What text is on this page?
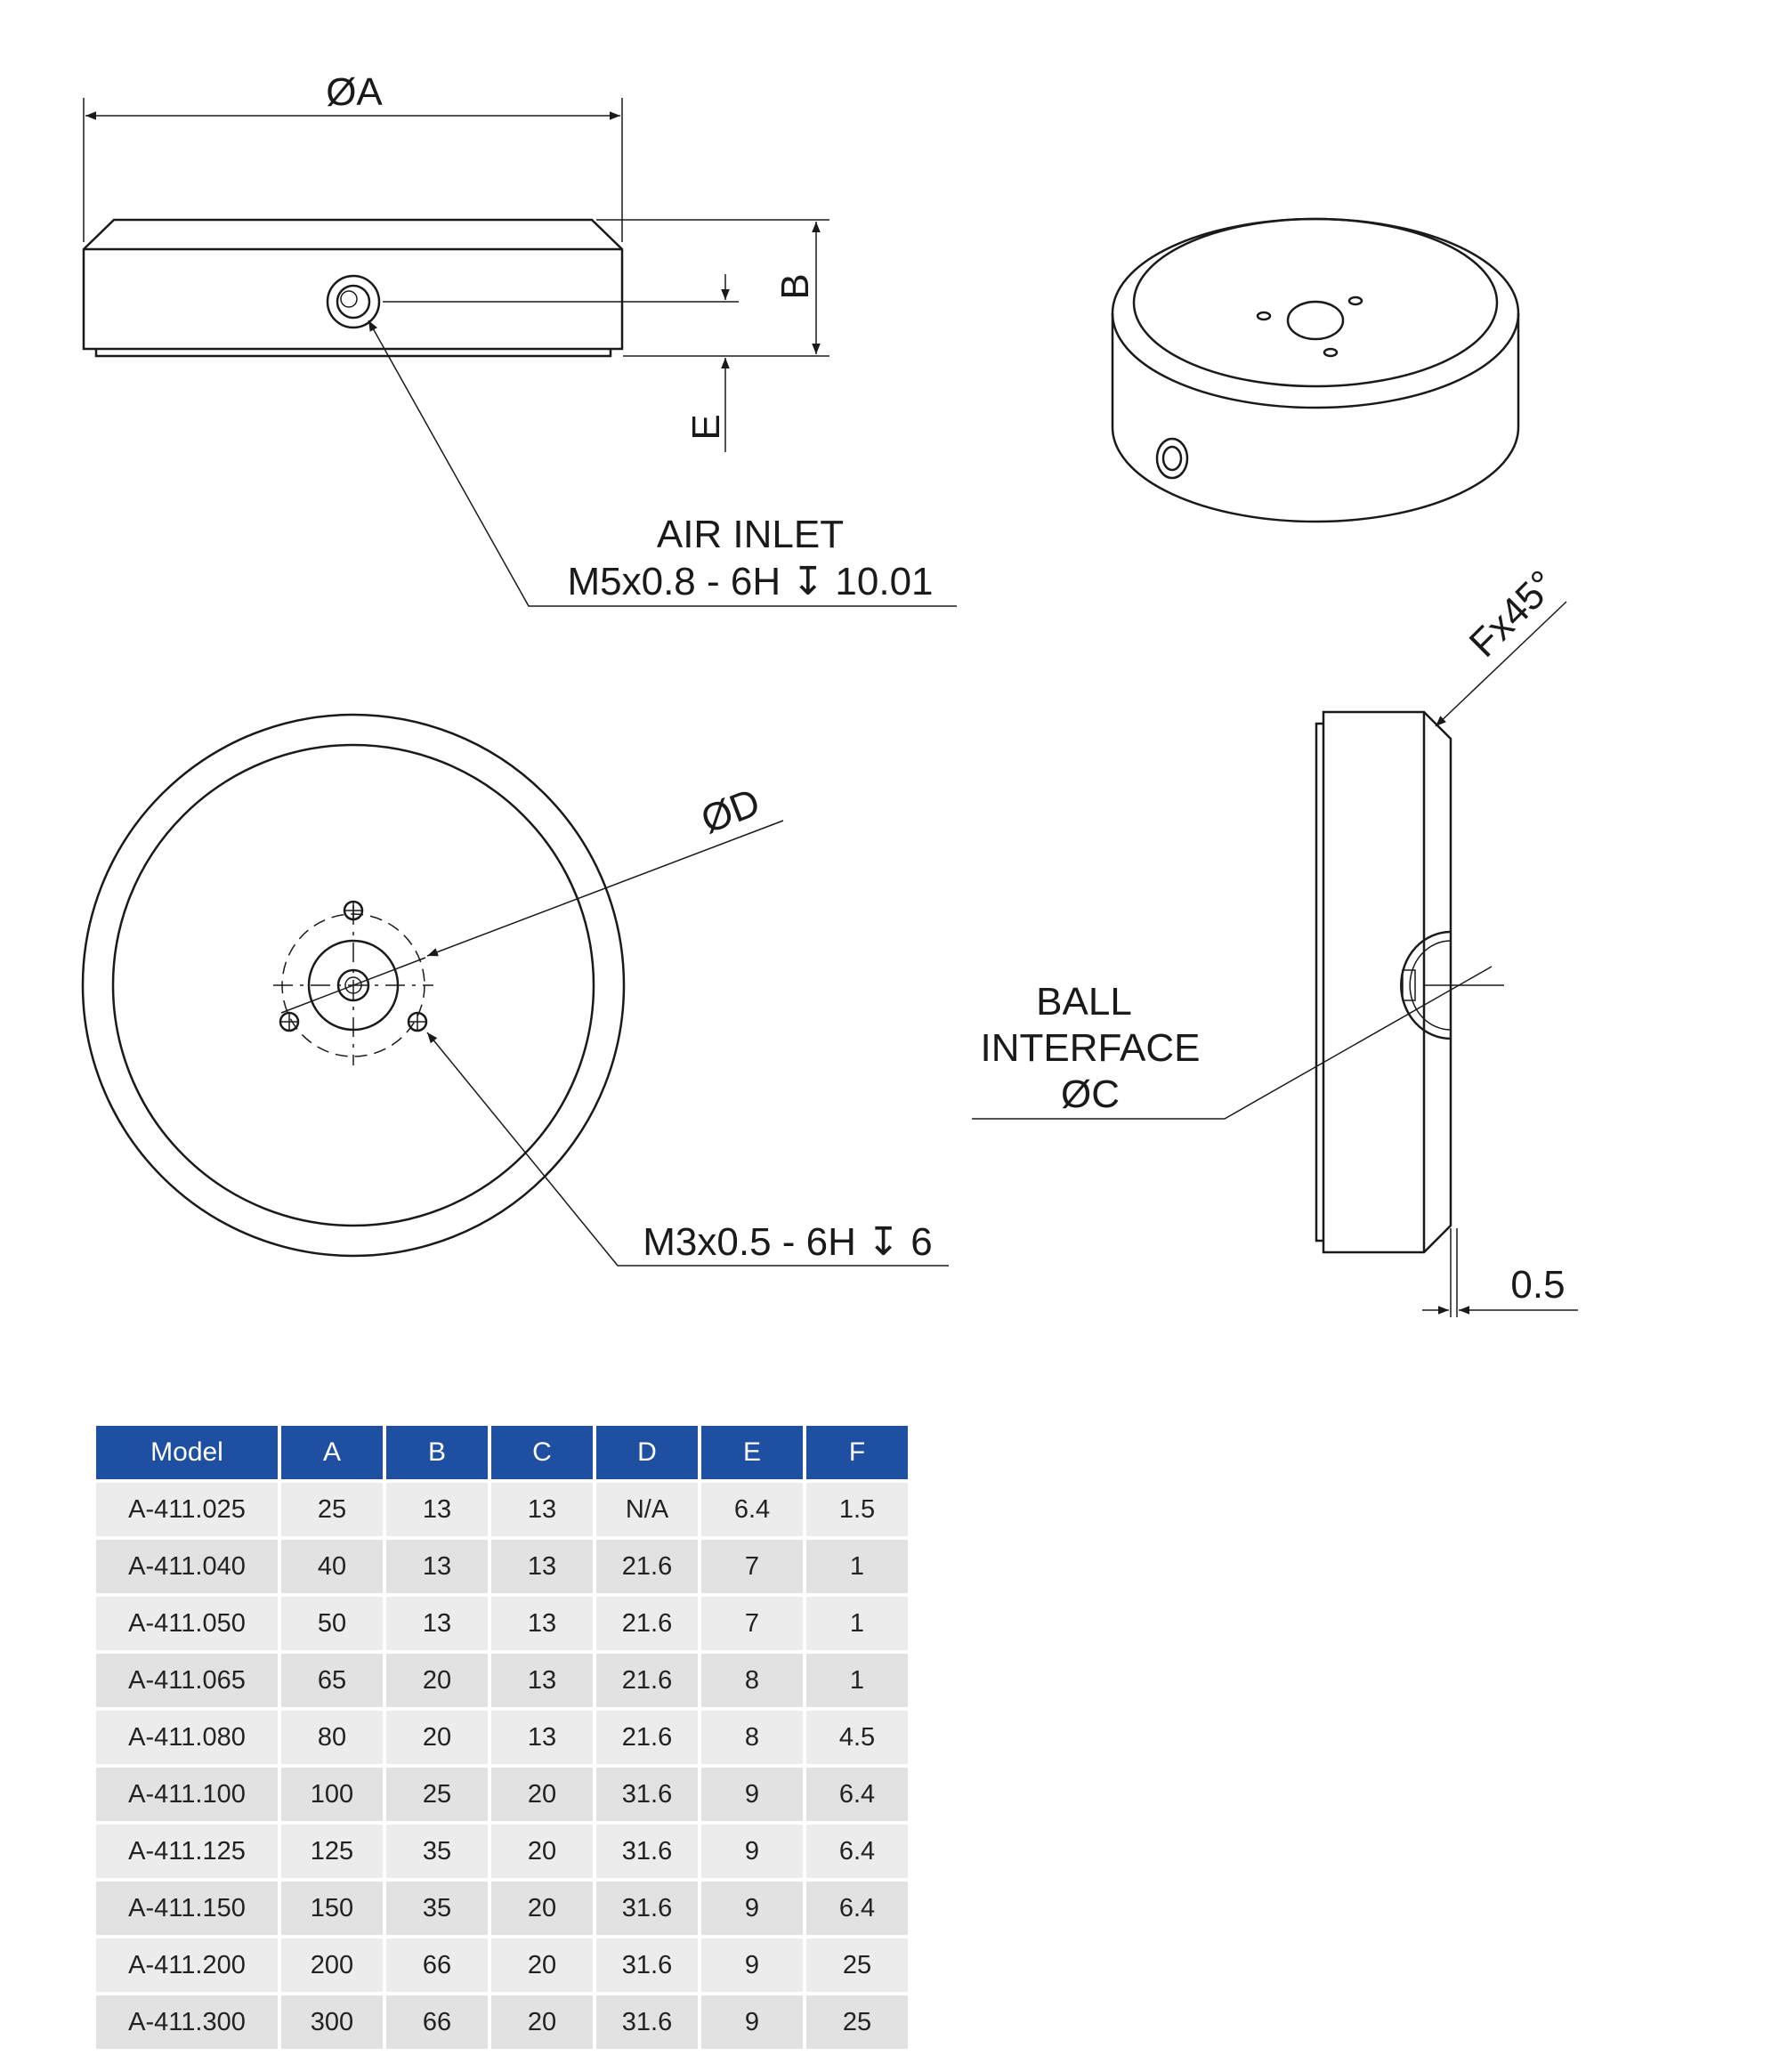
ØA
B
E
AIR INLET
M5x0.8 - 6H ↧ 10.01
ØD
M3x0.5 - 6H ↧ 6
Fx45°
BALL
INTERFACE
ØC
0.5
Model	A	B	C	D	E	F
A-411.025	25	13	13	N/A	6.4	1.5
A-411.040	40	13	13	21.6	7	1
A-411.050	50	13	13	21.6	7	1
A-411.065	65	20	13	21.6	8	1
A-411.080	80	20	13	21.6	8	4.5
A-411.100	100	25	20	31.6	9	6.4
A-411.125	125	35	20	31.6	9	6.4
A-411.150	150	35	20	31.6	9	6.4
A-411.200	200	66	20	31.6	9	25
A-411.300	300	66	20	31.6	9	25
